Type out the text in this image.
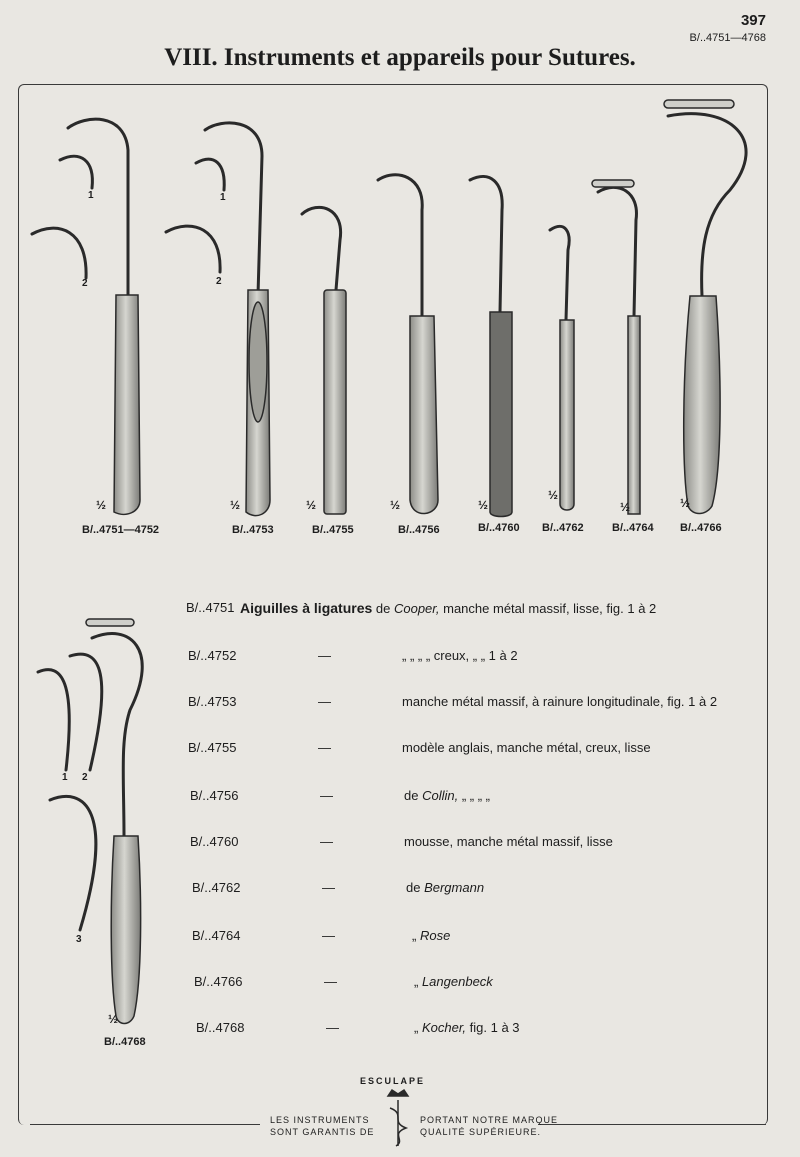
397
B/..4751—4768
VIII. Instruments et appareils pour Sutures.
B/..4751—4752	B/..4753	B/..4755	B/..4756	B/..4760 B/..4762	B/..4764 B/..4766
½	½	½	½	½
½
½	½
1
2
1
2
1 2
3
½
B/..4768
B/..4751 Aiguilles à ligatures de Cooper, manche métal massif, lisse, fig. 1 à 2
B/..4752	—	„ „ „ „ creux, „ „ 1 à 2
B/..4753	—	manche métal massif, à rainure longitudinale, fig. 1 à 2
B/..4755	—	modèle anglais, manche métal, creux, lisse
B/..4756	—	de Collin, „ „ „ „
B/..4760	—	mousse, manche métal massif, lisse
B/..4762	—	de Bergmann
B/..4764	—	„ Rose
B/..4766	—	„ Langenbeck
B/..4768	—	„ Kocher, fig. 1 à 3
ESCULAPE
LES INSTRUMENTS
SONT GARANTIS DE
PORTANT NOTRE MARQUE
QUALITÉ SUPÉRIEURE.
